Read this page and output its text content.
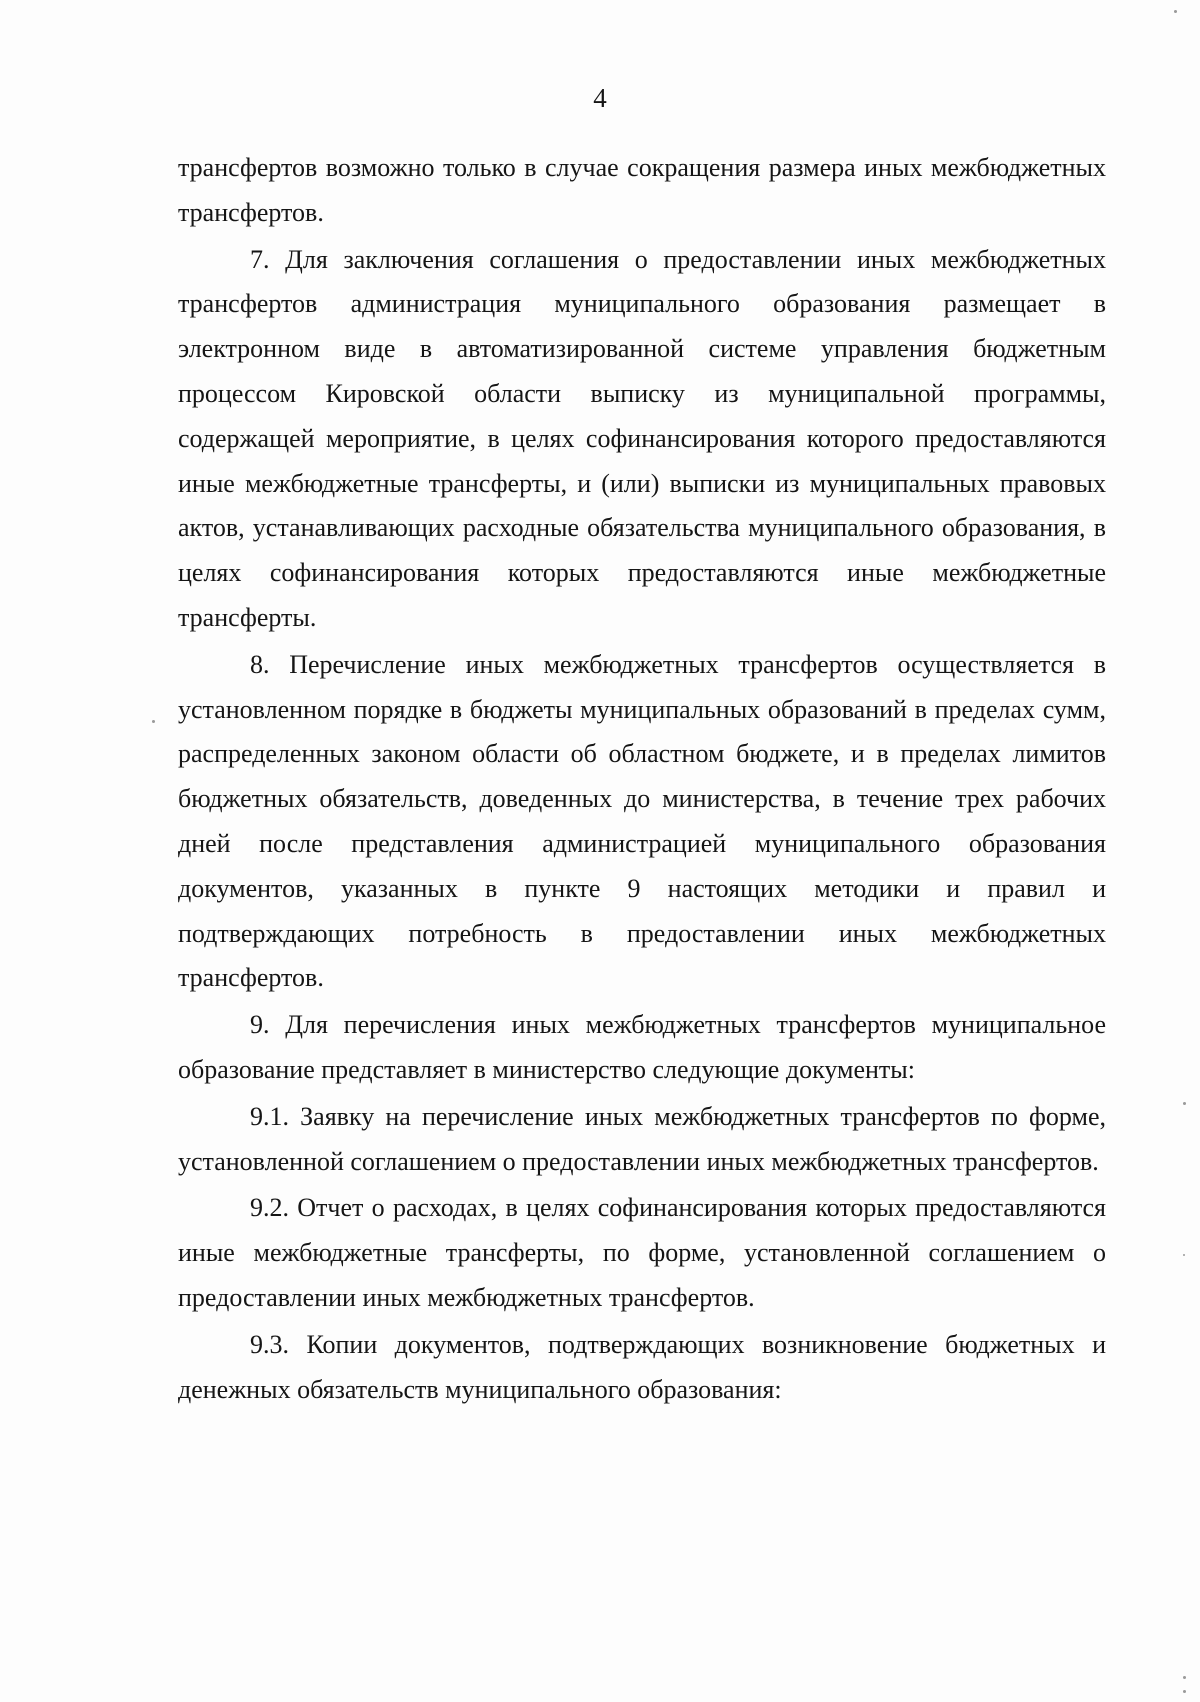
4

трансфертов возможно только в случае сокращения размера иных межбюджетных трансфертов.

7. Для заключения соглашения о предоставлении иных межбюджетных трансфертов администрация муниципального образования размещает в электронном виде в автоматизированной системе управления бюджетным процессом Кировской области выписку из муниципальной программы, содержащей мероприятие, в целях софинансирования которого предоставляются иные межбюджетные трансферты, и (или) выписки из муниципальных правовых актов, устанавливающих расходные обязательства муниципального образования, в целях софинансирования которых предоставляются иные межбюджетные трансферты.

8. Перечисление иных межбюджетных трансфертов осуществляется в установленном порядке в бюджеты муниципальных образований в пределах сумм, распределенных законом области об областном бюджете, и в пределах лимитов бюджетных обязательств, доведенных до министерства, в течение трех рабочих дней после представления администрацией муниципального образования документов, указанных в пункте 9 настоящих методики и правил и подтверждающих потребность в предоставлении иных межбюджетных трансфертов.

9. Для перечисления иных межбюджетных трансфертов муниципальное образование представляет в министерство следующие документы:

9.1. Заявку на перечисление иных межбюджетных трансфертов по форме, установленной соглашением о предоставлении иных межбюджетных трансфертов.

9.2. Отчет о расходах, в целях софинансирования которых предоставляются иные межбюджетные трансферты, по форме, установленной соглашением о предоставлении иных межбюджетных трансфертов.

9.3. Копии документов, подтверждающих возникновение бюджетных и денежных обязательств муниципального образования:
